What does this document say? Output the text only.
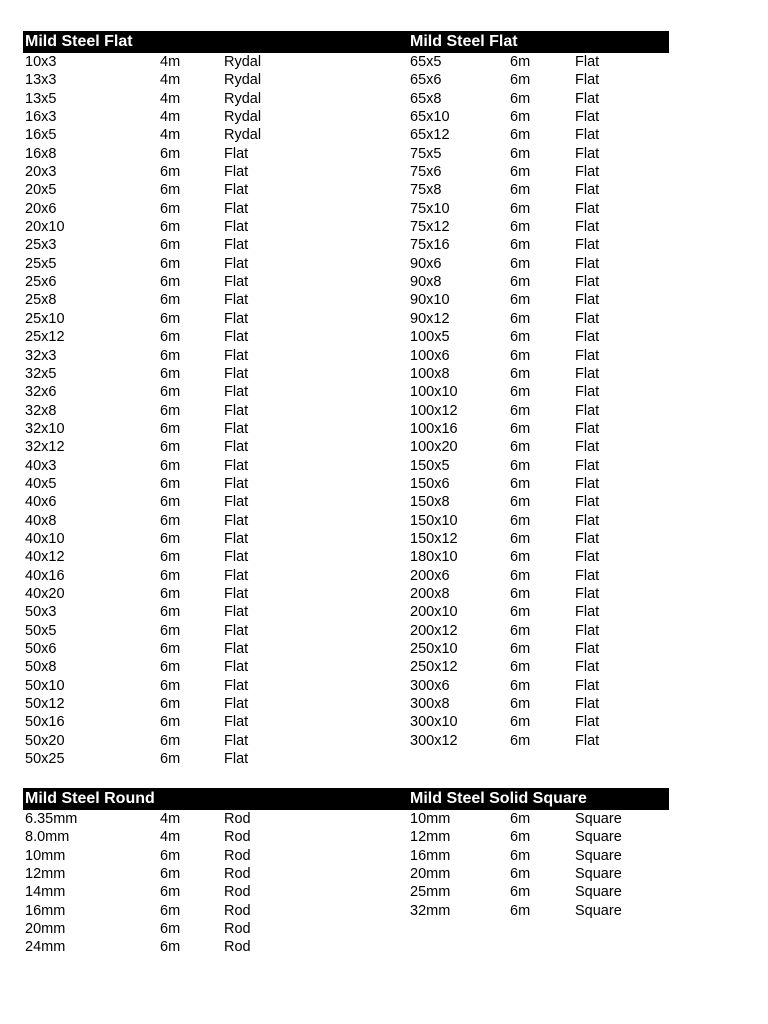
Mild Steel Flat
10x3	4m	Rydal
13x3	4m	Rydal
13x5	4m	Rydal
16x3	4m	Rydal
16x5	4m	Rydal
16x8	6m	Flat
20x3	6m	Flat
20x5	6m	Flat
20x6	6m	Flat
20x10	6m	Flat
25x3	6m	Flat
25x5	6m	Flat
25x6	6m	Flat
25x8	6m	Flat
25x10	6m	Flat
25x12	6m	Flat
32x3	6m	Flat
32x5	6m	Flat
32x6	6m	Flat
32x8	6m	Flat
32x10	6m	Flat
32x12	6m	Flat
40x3	6m	Flat
40x5	6m	Flat
40x6	6m	Flat
40x8	6m	Flat
40x10	6m	Flat
40x12	6m	Flat
40x16	6m	Flat
40x20	6m	Flat
50x3	6m	Flat
50x5	6m	Flat
50x6	6m	Flat
50x8	6m	Flat
50x10	6m	Flat
50x12	6m	Flat
50x16	6m	Flat
50x20	6m	Flat
50x25	6m	Flat
Mild Steel Flat
65x5	6m	Flat
65x6	6m	Flat
65x8	6m	Flat
65x10	6m	Flat
65x12	6m	Flat
75x5	6m	Flat
75x6	6m	Flat
75x8	6m	Flat
75x10	6m	Flat
75x12	6m	Flat
75x16	6m	Flat
90x6	6m	Flat
90x8	6m	Flat
90x10	6m	Flat
90x12	6m	Flat
100x5	6m	Flat
100x6	6m	Flat
100x8	6m	Flat
100x10	6m	Flat
100x12	6m	Flat
100x16	6m	Flat
100x20	6m	Flat
150x5	6m	Flat
150x6	6m	Flat
150x8	6m	Flat
150x10	6m	Flat
150x12	6m	Flat
180x10	6m	Flat
200x6	6m	Flat
200x8	6m	Flat
200x10	6m	Flat
200x12	6m	Flat
250x10	6m	Flat
250x12	6m	Flat
300x6	6m	Flat
300x8	6m	Flat
300x10	6m	Flat
300x12	6m	Flat
Mild Steel Round
6.35mm	4m	Rod
8.0mm	4m	Rod
10mm	6m	Rod
12mm	6m	Rod
14mm	6m	Rod
16mm	6m	Rod
20mm	6m	Rod
24mm	6m	Rod
Mild Steel Solid Square
10mm	6m	Square
12mm	6m	Square
16mm	6m	Square
20mm	6m	Square
25mm	6m	Square
32mm	6m	Square
